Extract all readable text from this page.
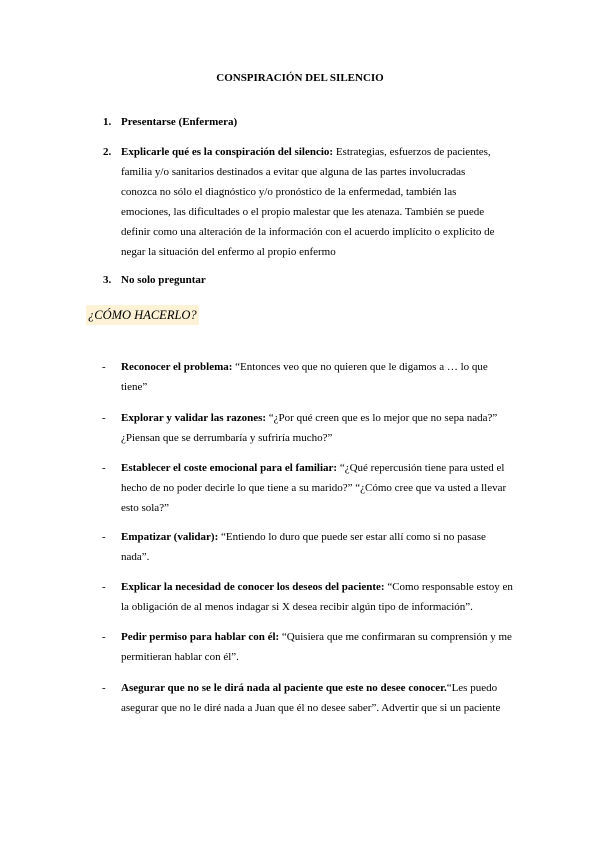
CONSPIRACIÓN DEL SILENCIO
1. Presentarse (Enfermera)
2. Explicarle qué es la conspiración del silencio: Estrategias, esfuerzos de pacientes, familia y/o sanitarios destinados a evitar que alguna de las partes involucradas conozca no sólo el diagnóstico y/o pronóstico de la enfermedad, también las emociones, las dificultades o el propio malestar que les atenaza. También se puede definir como una alteración de la información con el acuerdo implícito o explícito de negar la situación del enfermo al propio enfermo
3. No solo preguntar
¿CÓMO HACERLO?
- Reconocer el problema: “Entonces veo que no quieren que le digamos a … lo que tiene”
- Explorar y validar las razones: “¿Por qué creen que es lo mejor que no sepa nada?” ¿Piensan que se derrumbaría y sufriría mucho?”
- Establecer el coste emocional para el familiar: “¿Qué repercusión tiene para usted el hecho de no poder decirle lo que tiene a su marido?” “¿Cómo cree que va usted a llevar esto sola?”
- Empatizar (validar): “Entiendo lo duro que puede ser estar allí como si no pasase nada”.
- Explicar la necesidad de conocer los deseos del paciente: “Como responsable estoy en la obligación de al menos indagar si X desea recibir algún tipo de información”.
- Pedir permiso para hablar con él: “Quisiera que me confirmaran su comprensión y me permitieran hablar con él”.
- Asegurar que no se le dirá nada al paciente que este no desee conocer.“Les puedo asegurar que no le diré nada a Juan que él no desee saber”. Advertir que si un paciente
